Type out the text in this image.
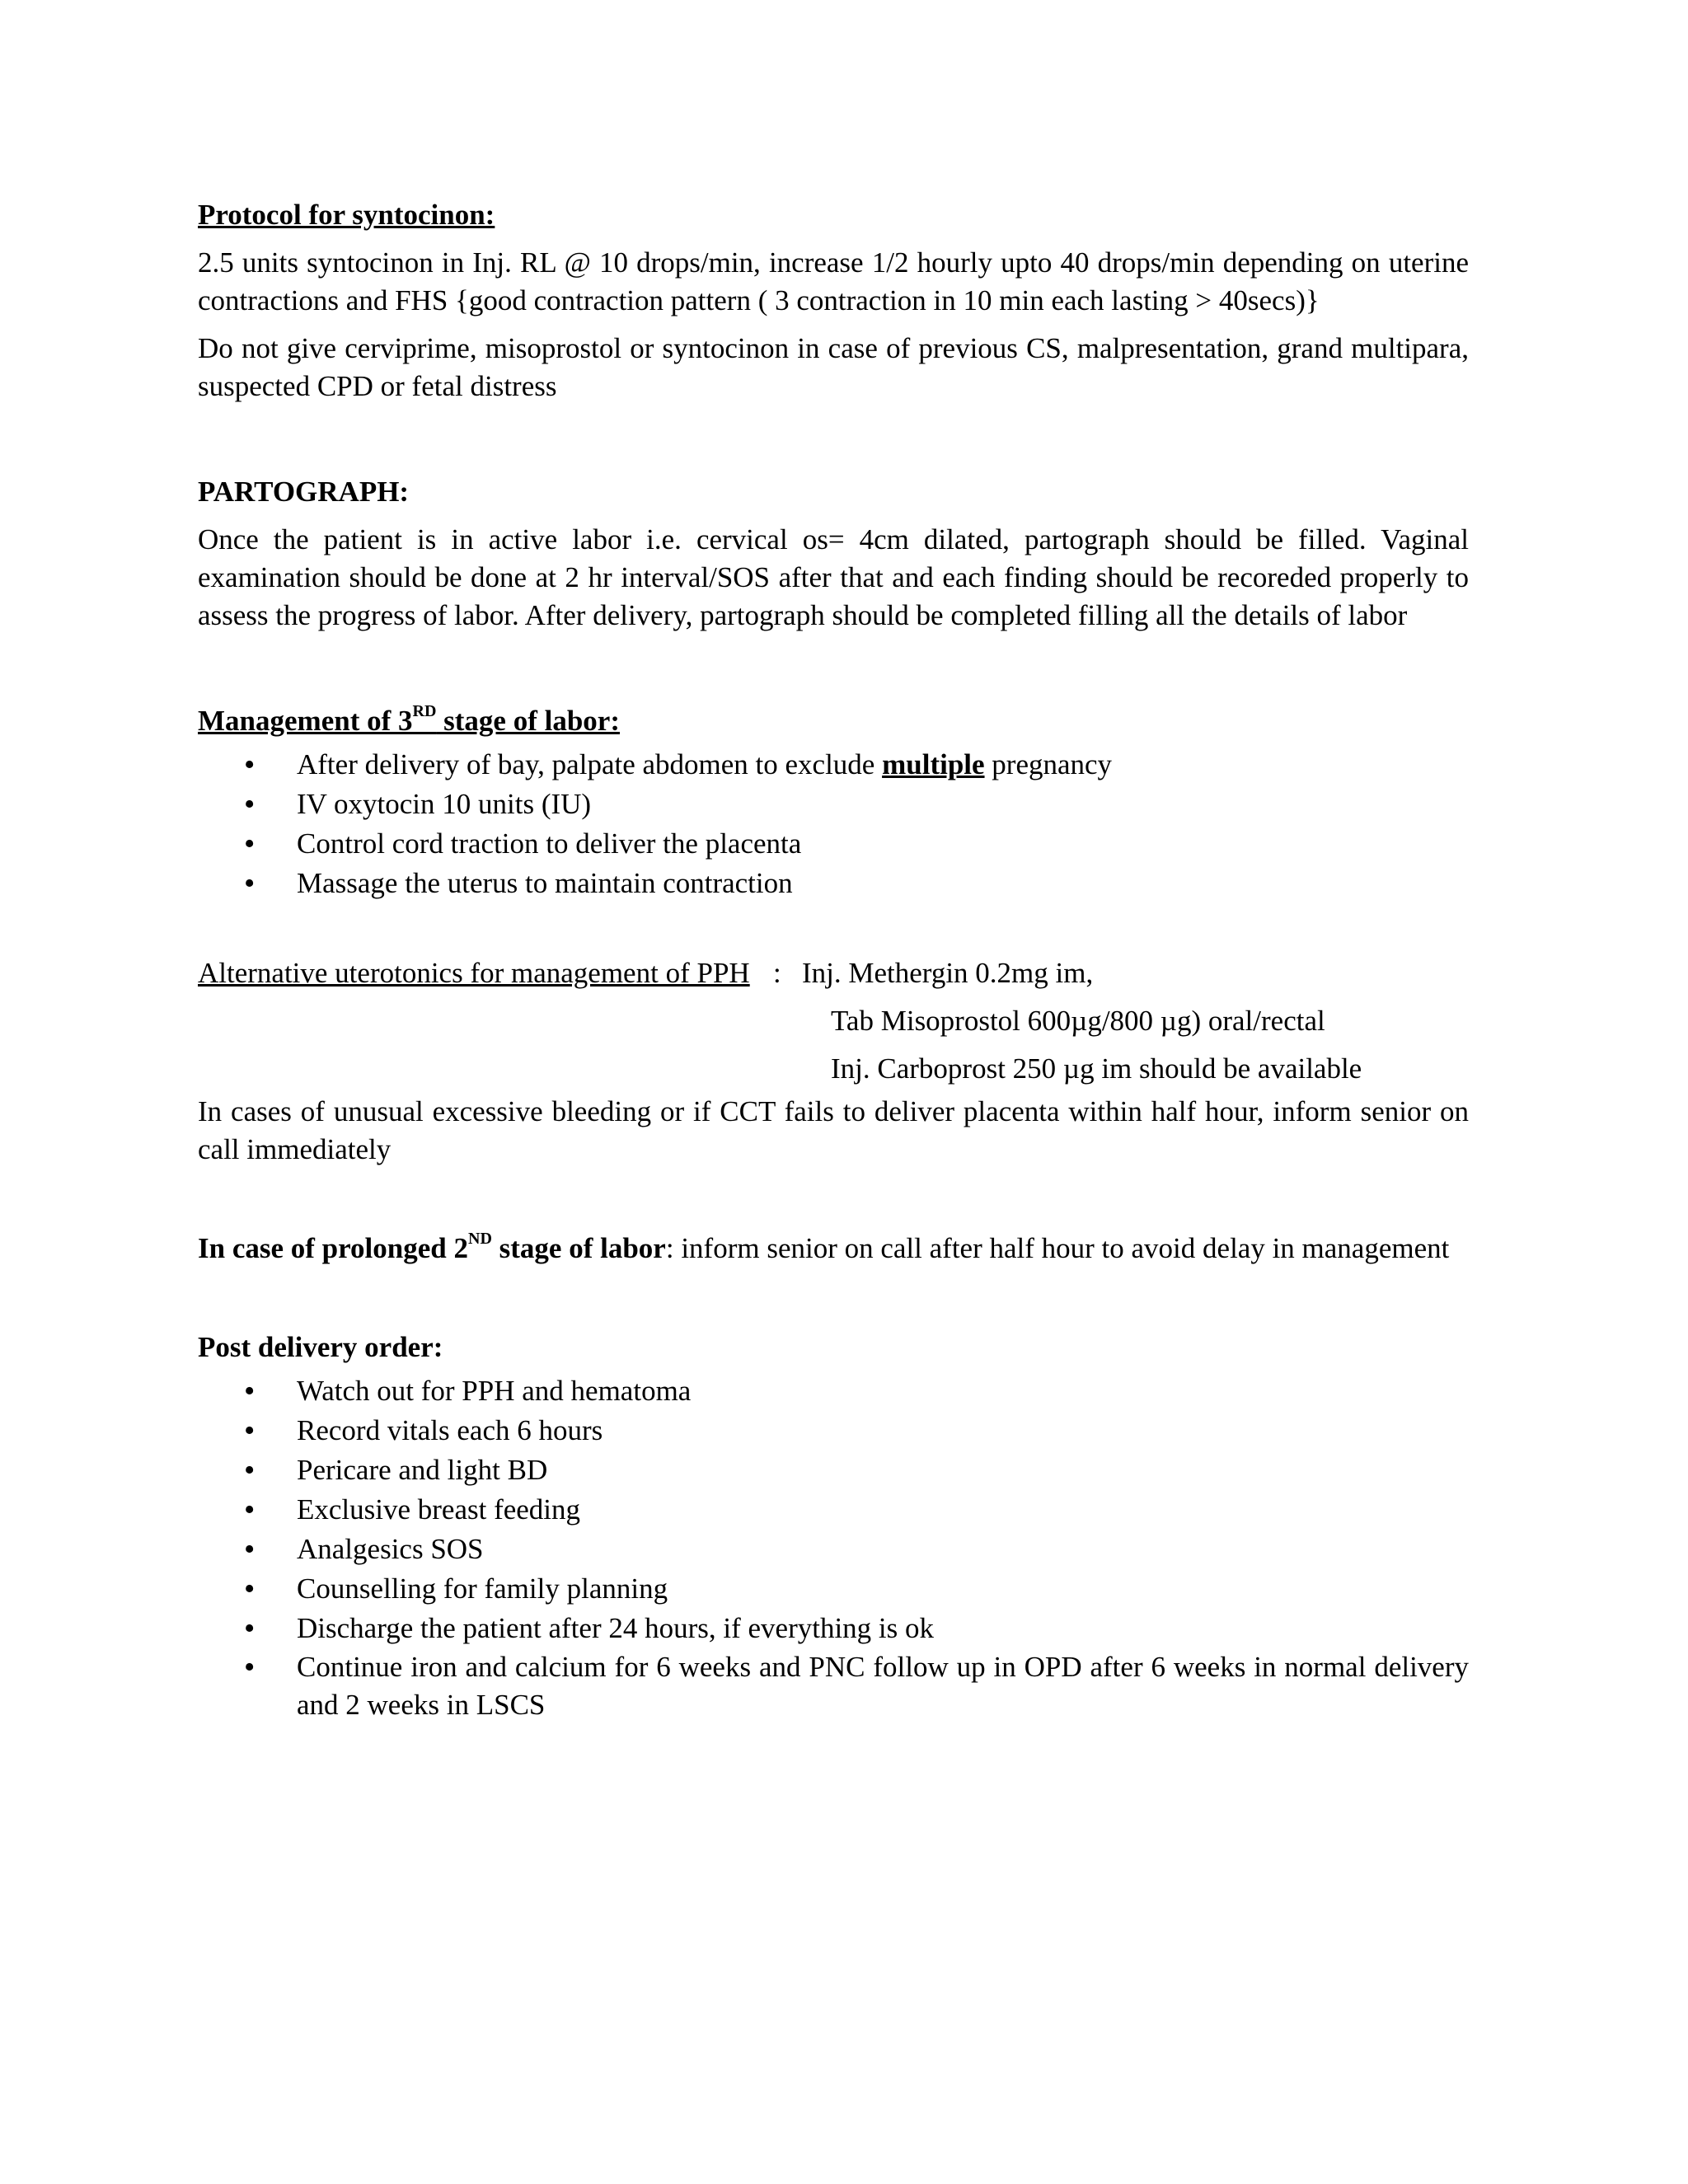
Protocol for syntocinon:
2.5 units syntocinon in Inj. RL @ 10 drops/min, increase 1/2 hourly upto 40 drops/min depending on uterine contractions and FHS {good contraction pattern ( 3 contraction in 10 min each lasting > 40secs)}
Do not give cerviprime, misoprostol or syntocinon in case of previous CS, malpresentation, grand multipara, suspected CPD or fetal distress
PARTOGRAPH:
Once the patient is in active labor i.e. cervical os= 4cm dilated, partograph should be filled. Vaginal examination should be done at 2 hr interval/SOS after that and each finding should be recoreded properly to assess the progress of labor. After delivery, partograph should be completed filling all the details of labor
Management of 3RD stage of labor:
• After delivery of bay, palpate abdomen to exclude multiple pregnancy
• IV oxytocin 10 units (IU)
• Control cord traction to deliver the placenta
• Massage the uterus to maintain contraction
Alternative uterotonics for management of PPH : Inj. Methergin 0.2mg im,
Tab Misoprostol 600µg/800 µg) oral/rectal
Inj. Carboprost 250 µg im should be available
In cases of unusual excessive bleeding or if CCT fails to deliver placenta within half hour, inform senior on call immediately
In case of prolonged 2ND stage of labor: inform senior on call after half hour to avoid delay in management
Post delivery order:
• Watch out for PPH and hematoma
• Record vitals each 6 hours
• Pericare and light BD
• Exclusive breast feeding
• Analgesics SOS
• Counselling for family planning
• Discharge the patient after 24 hours, if everything is ok
• Continue iron and calcium for 6 weeks and PNC follow up in OPD after 6 weeks in normal delivery and 2 weeks in LSCS
